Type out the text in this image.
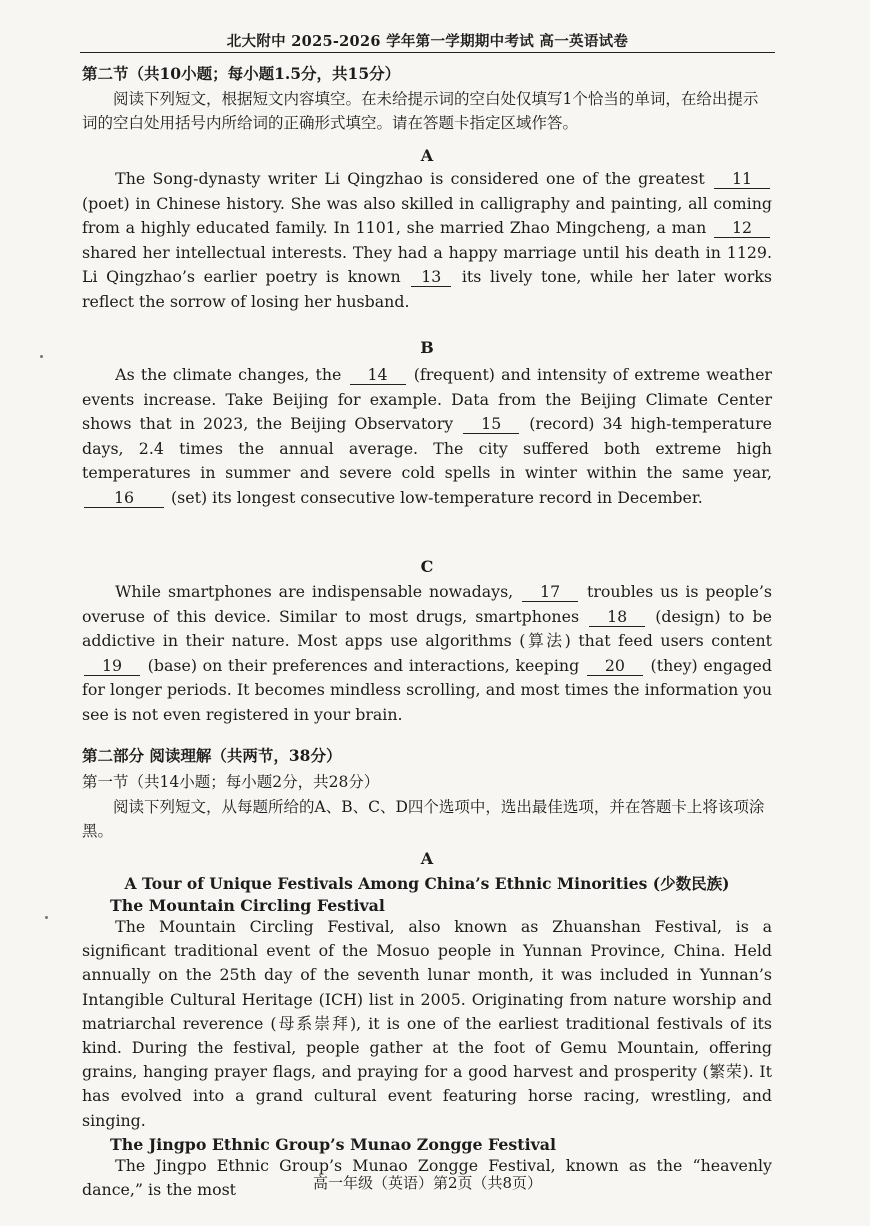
北大附中 2025-2026 学年第一学期期中考试 高一英语试卷
第二节（共10小题；每小题1.5分，共15分）
阅读下列短文，根据短文内容填空。在未给提示词的空白处仅填写1个恰当的单词，在给出提示词的空白处用括号内所给词的正确形式填空。请在答题卡指定区域作答。
A
The Song-dynasty writer Li Qingzhao is considered one of the greatest 11 (poet) in Chinese history. She was also skilled in calligraphy and painting, all coming from a highly educated family. In 1101, she married Zhao Mingcheng, a man 12 shared her intellectual interests. They had a happy marriage until his death in 1129. Li Qingzhao’s earlier poetry is known 13 its lively tone, while her later works reflect the sorrow of losing her husband.
B
As the climate changes, the 14 (frequent) and intensity of extreme weather events increase. Take Beijing for example. Data from the Beijing Climate Center shows that in 2023, the Beijing Observatory 15 (record) 34 high-temperature days, 2.4 times the annual average. The city suffered both extreme high temperatures in summer and severe cold spells in winter within the same year, 16 (set) its longest consecutive low-temperature record in December.
C
While smartphones are indispensable nowadays, 17 troubles us is people’s overuse of this device. Similar to most drugs, smartphones 18 (design) to be addictive in their nature. Most apps use algorithms (算法) that feed users content 19 (base) on their preferences and interactions, keeping 20 (they) engaged for longer periods. It becomes mindless scrolling, and most times the information you see is not even registered in your brain.
第二部分 阅读理解（共两节，38分）
第一节（共14小题；每小题2分，共28分）
阅读下列短文，从每题所给的A、B、C、D四个选项中，选出最佳选项，并在答题卡上将该项涂黑。
A
A Tour of Unique Festivals Among China’s Ethnic Minorities (少数民族)
The Mountain Circling Festival
The Mountain Circling Festival, also known as Zhuanshan Festival, is a significant traditional event of the Mosuo people in Yunnan Province, China. Held annually on the 25th day of the seventh lunar month, it was included in Yunnan’s Intangible Cultural Heritage (ICH) list in 2005. Originating from nature worship and matriarchal reverence (母系崇拜), it is one of the earliest traditional festivals of its kind. During the festival, people gather at the foot of Gemu Mountain, offering grains, hanging prayer flags, and praying for a good harvest and prosperity (繁荣). It has evolved into a grand cultural event featuring horse racing, wrestling, and singing.
The Jingpo Ethnic Group’s Munao Zongge Festival
The Jingpo Ethnic Group’s Munao Zongge Festival, known as the “heavenly dance,” is the most	高一年级（英语）第2页（共8页）
